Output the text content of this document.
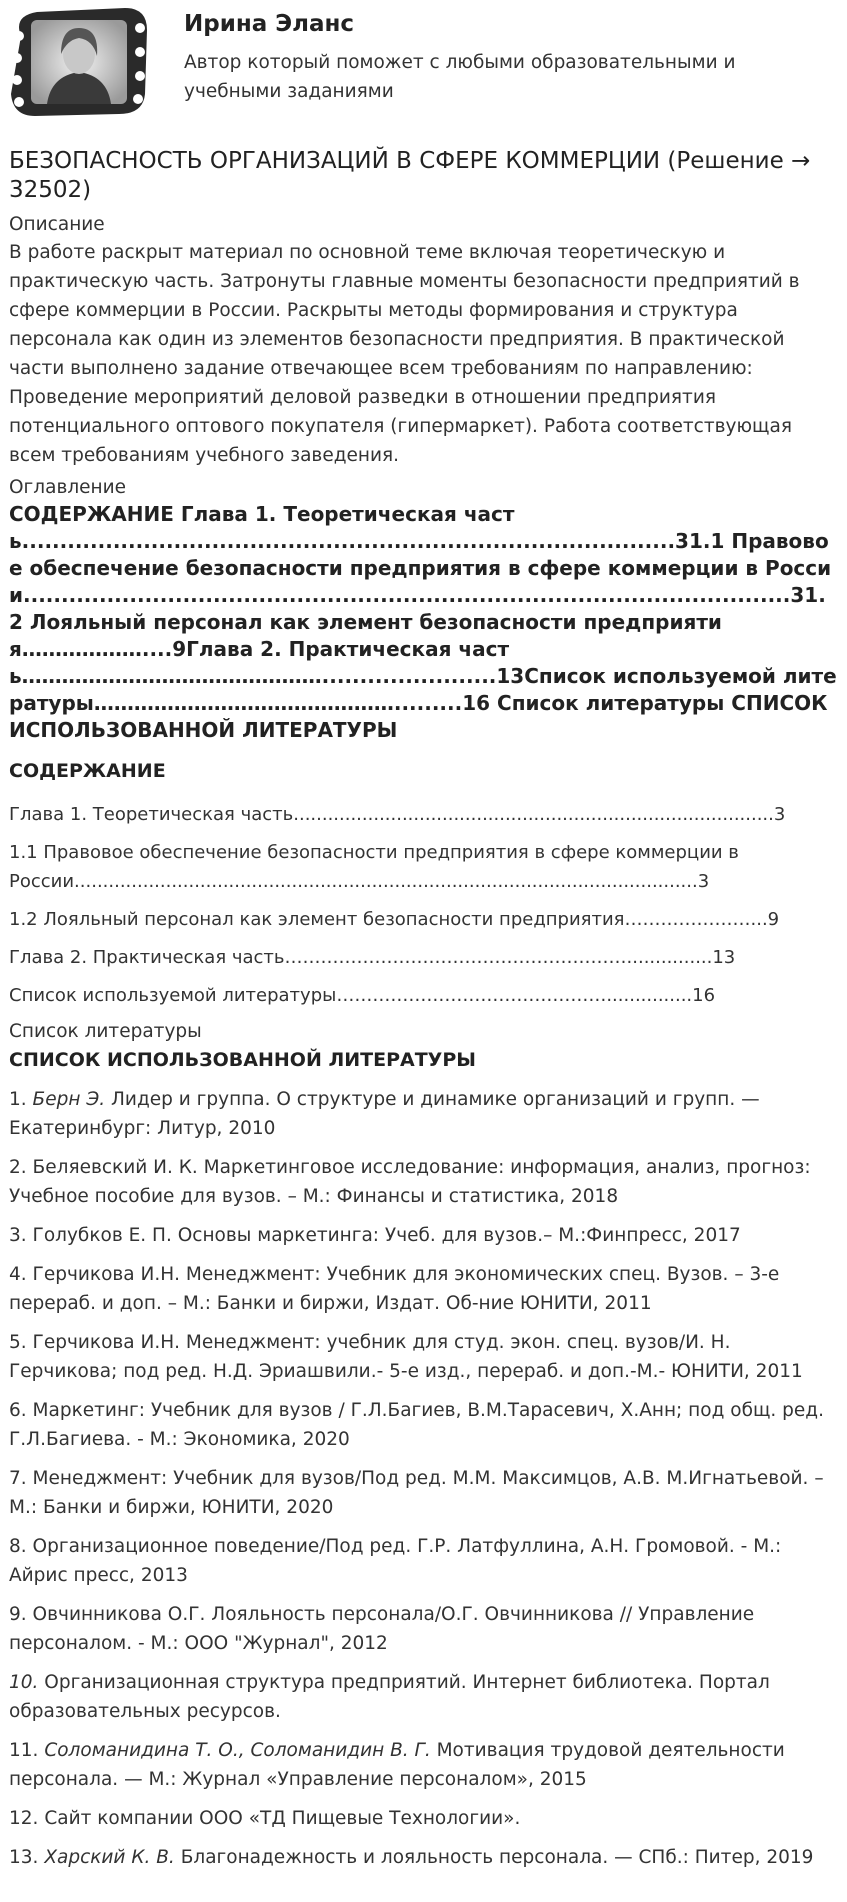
Ирина Эланс
Автор который поможет с любыми образовательными и учебными заданиями
БЕЗОПАСНОСТЬ ОРГАНИЗАЦИЙ В СФЕРЕ КОММЕРЦИИ (Решение → 32502)
Описание
В работе раскрыт материал по основной теме включая теоретическую и практическую часть. Затронуты главные моменты безопасности предприятий в сфере коммерции в России. Раскрыты методы формирования и структура персонала как один из элементов безопасности предприятия. В практической части выполнено задание отвечающее всем требованиям по направлению: Проведение мероприятий деловой разведки в отношении предприятия потенциального оптового покупателя (гипермаркет). Работа соответствующая всем требованиям учебного заведения.
Оглавление
СОДЕРЖАНИЕ Глава 1. Теоретическая часть......................................................................................31.1 Правовое обеспечение безопасности предприятия в сфере коммерции в России.....................................................................................................31.2 Лояльный персонал как элемент безопасности предприятия………………....9Глава 2. Практическая часть……………………………………….......................13Список используемой литературы……………………………………….........16 Список литературы СПИСОК ИСПОЛЬЗОВАННОЙ ЛИТЕРАТУРЫ
СОДЕРЖАНИЕ
Глава 1. Теоретическая часть....................................................................................3
1.1 Правовое обеспечение безопасности предприятия в сфере коммерции в России.............................................................................................................3
1.2 Лояльный персонал как элемент безопасности предприятия…………………...9
Глава 2. Практическая часть…………………………………………………...............13
Список используемой литературы………………………………………...............16
Список литературы
СПИСОК ИСПОЛЬЗОВАННОЙ ЛИТЕРАТУРЫ
1. Берн Э. Лидер и группа. О структуре и динамике организаций и групп. — Екатеринбург: Литур, 2010
2. Беляевский И. К. Маркетинговое исследование: информация, анализ, прогноз: Учебное пособие для вузов. – М.: Финансы и статистика, 2018
3. Голубков Е. П. Основы маркетинга: Учеб. для вузов.– М.:Финпресс, 2017
4. Герчикова И.Н. Менеджмент: Учебник для экономических спец. Вузов. – 3-е перераб. и доп. – М.: Банки и биржи, Издат. Об-ние ЮНИТИ, 2011
5. Герчикова И.Н. Менеджмент: учебник для студ. экон. спец. вузов/И. Н. Герчикова; под ред. Н.Д. Эриашвили.- 5-е изд., перераб. и доп.-М.- ЮНИТИ, 2011
6. Маркетинг: Учебник для вузов / Г.Л.Багиев, В.М.Тарасевич, Х.Анн; под общ. ред. Г.Л.Багиева. - М.: Экономика, 2020
7. Менеджмент: Учебник для вузов/Под ред. М.М. Максимцов, А.В. М.Игнатьевой. – М.: Банки и биржи, ЮНИТИ, 2020
8. Организационное поведение/Под ред. Г.Р. Латфуллина, А.Н. Громовой. - М.: Айрис пресс, 2013
9. Овчинникова О.Г. Лояльность персонала/О.Г. Овчинникова // Управление персоналом. - М.: ООО "Журнал", 2012
10. Организационная структура предприятий. Интернет библиотека. Портал образовательных ресурсов.
11. Соломанидина Т. О., Соломанидин В. Г. Мотивация трудовой деятельности персонала. — М.: Журнал «Управление персоналом», 2015
12. Сайт компании ООО «ТД Пищевые Технологии».
13. Харский К. В. Благонадежность и лояльность персонала. — СПб.: Питер, 2019
